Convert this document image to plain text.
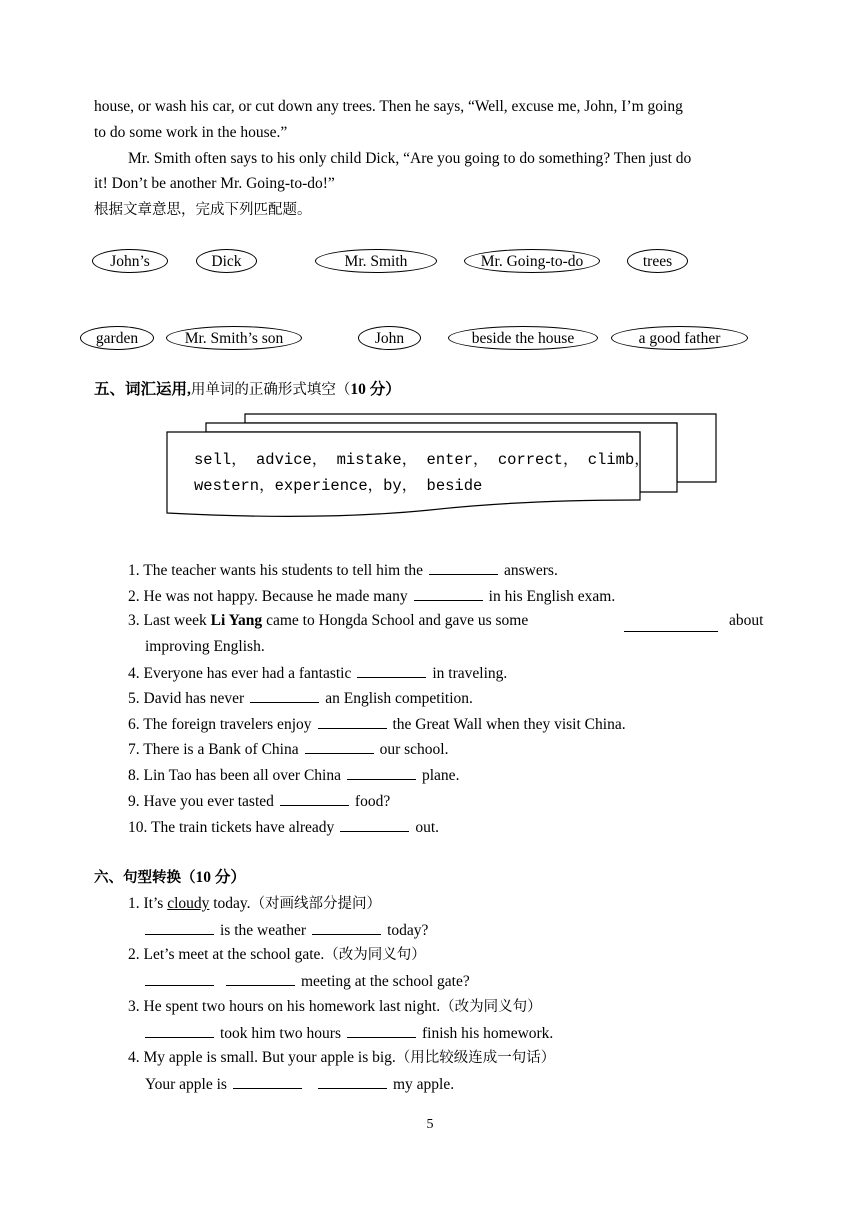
house, or wash his car, or cut down any trees. Then he says, “Well, excuse me, John, I’m going
to do some work in the house.”
Mr. Smith often says to his only child Dick, “Are you going to do something? Then just do
it! Don’t be another Mr. Going-to-do!”
根据文章意思，完成下列匹配题。
John’s	Dick	Mr. Smith	Mr. Going-to-do	trees
garden	Mr. Smith’s son	John	beside the house	a good father
五、词汇运用,用单词的正确形式填空（10 分）
sell， advice， mistake， enter， correct， climb，
western，experience，by， beside
1. The teacher wants his students to tell him the	answers.
2. He was not happy. Because he made many	in his English exam.
3. Last week Li Yang came to Hongda School and gave us some	about
improving English.
4. Everyone has ever had a fantastic	in traveling.
5. David has never	an English competition.
6. The foreign travelers enjoy	the Great Wall when they visit China.
7. There is a Bank of China	our school.
8. Lin Tao has been all over China	plane.
9. Have you ever tasted	food?
10. The train tickets have already	out.
六、句型转换（10 分）
1. It’s cloudy today.（对画线部分提问）
is the weather	today?
2. Let’s meet at the school gate.（改为同义句）
meeting at the school gate?
3. He spent two hours on his homework last night.（改为同义句）
took him two hours	finish his homework.
4. My apple is small. But your apple is big.（用比较级连成一句话）
Your apple is	my apple.
5
